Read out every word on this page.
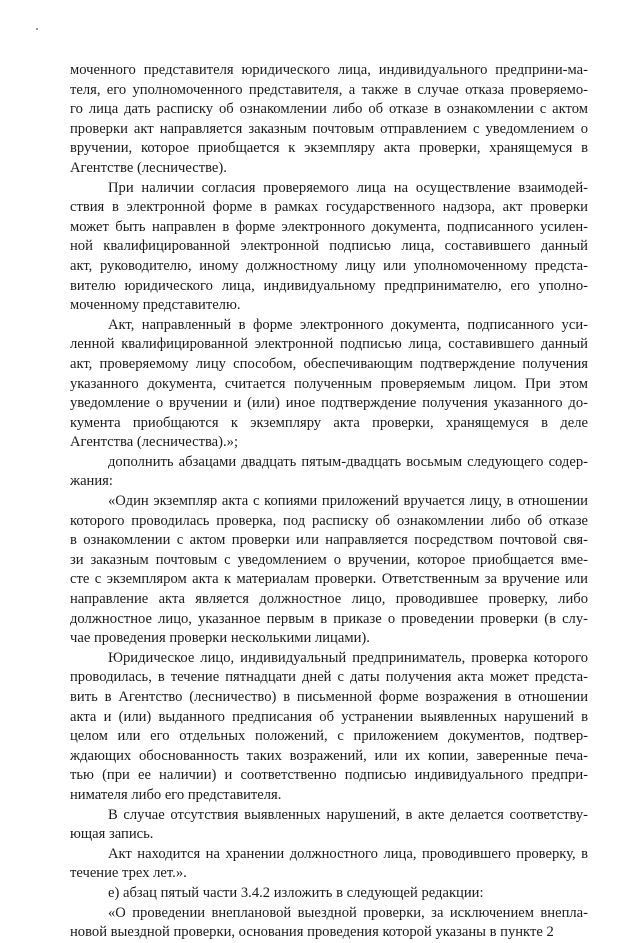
моченного представителя юридического лица, индивидуального предприни-ма-
теля, его уполномоченного представителя, а также в случае отказа проверяемо-
го лица дать расписку об ознакомлении либо об отказе в ознакомлении с актом
проверки акт направляется заказным почтовым отправлением с уведомлением о
вручении, которое приобщается к экземпляру акта проверки, хранящемуся в
Агентстве (лесничестве).
При наличии согласия проверяемого лица на осуществление взаимодей-
ствия в электронной форме в рамках государственного надзора, акт проверки
может быть направлен в форме электронного документа, подписанного усилен-
ной квалифицированной электронной подписью лица, составившего данный
акт, руководителю, иному должностному лицу или уполномоченному предста-
вителю юридического лица, индивидуальному предпринимателю, его уполно-
моченному представителю.
Акт, направленный в форме электронного документа, подписанного уси-
ленной квалифицированной электронной подписью лица, составившего данный
акт, проверяемому лицу способом, обеспечивающим подтверждение получения
указанного документа, считается полученным проверяемым лицом. При этом
уведомление о вручении и (или) иное подтверждение получения указанного до-
кумента приобщаются к экземпляру акта проверки, хранящемуся в деле
Агентства (лесничества).»;
дополнить абзацами двадцать пятым-двадцать восьмым следующего содер-
жания:
«Один экземпляр акта с копиями приложений вручается лицу, в отношении
которого проводилась проверка, под расписку об ознакомлении либо об отказе
в ознакомлении с актом проверки или направляется посредством почтовой свя-
зи заказным почтовым с уведомлением о вручении, которое приобщается вме-
сте с экземпляром акта к материалам проверки. Ответственным за вручение или
направление акта является должностное лицо, проводившее проверку, либо
должностное лицо, указанное первым в приказе о проведении проверки (в слу-
чае проведения проверки несколькими лицами).
Юридическое лицо, индивидуальный предприниматель, проверка которого
проводилась, в течение пятнадцати дней с даты получения акта может предста-
вить в Агентство (лесничество) в письменной форме возражения в отношении
акта и (или) выданного предписания об устранении выявленных нарушений в
целом или его отдельных положений, с приложением документов, подтвер-
ждающих обоснованность таких возражений, или их копии, заверенные печа-
тью (при ее наличии) и соответственно подписью индивидуального предпри-
нимателя либо его представителя.
В случае отсутствия выявленных нарушений, в акте делается соответству-
ющая запись.
Акт находится на хранении должностного лица, проводившего проверку, в
течение трех лет.».
е) абзац пятый части 3.4.2 изложить в следующей редакции:
«О проведении внеплановой выездной проверки, за исключением внепла-
новой выездной проверки, основания проведения которой указаны в пункте 2
